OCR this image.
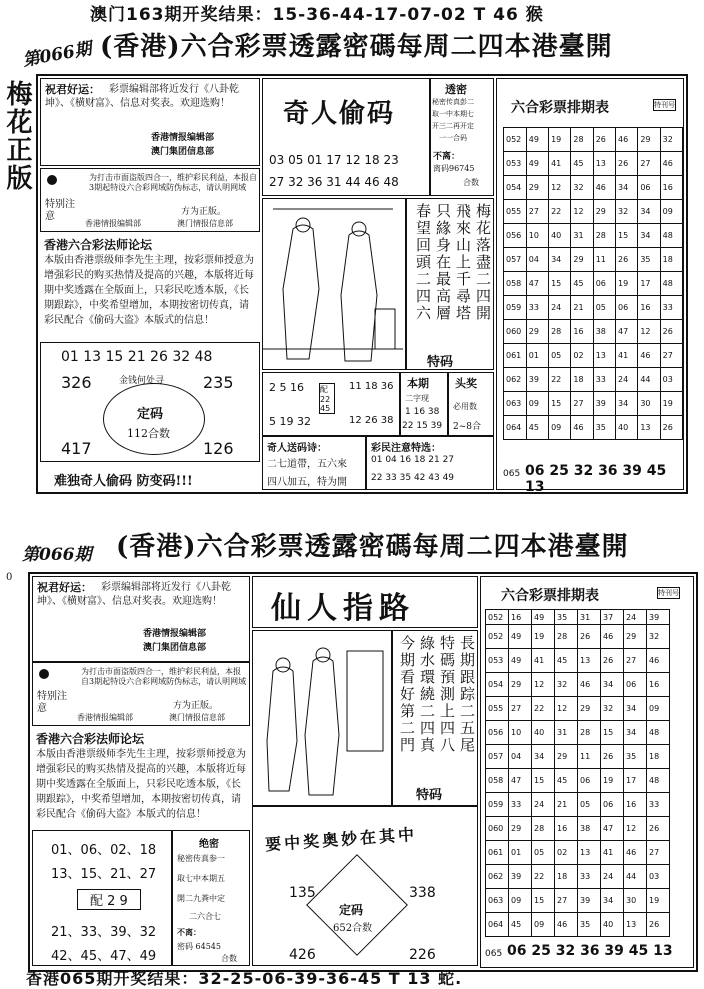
澳门163期开奖结果：15-36-44-17-07-02 T 46 猴
第066期 (香港)六合彩票透露密碼每周二四本港臺開
梅花正版 祝君好运： 彩票编辑部将近发行《八卦乾坤》、《横财富》、信息对奖表。欢迎选购！
香港情报编辑部
澳门集团信息部
特别注意
为打击市面盗版四合一，维护彩民利益，本报自3期起特设六合彩网域防伪标志，请认明网域
方为正版。
香港情报编辑部	澳门情报信息部
香港六合彩法师论坛
本版由香港票级师李先生主理，按彩票师授意为增强彩民的购买热情及提高的兴趣，本版将近每期中奖透露在全版面上，只彩民吃透本版，《长期跟踪》，中奖希望增加，本期按密切传真，请彩民配合《偷码大盗》本版式的信息！
01 13 15 21 26 32 48
326	235
金钱何处寻
定码
112合数
417	126
难独奇人偷码 防变码!!!
奇人偷码
03 05 01 17 12 18 23
27 32 36 31 44 46 48
透密
秘密传真彭二
取一中本期七
开三二再开定
一一合码
不离：
离码96745
合数
梅花落盡二四開
飛來山上千尋塔
只緣身在最高層
春望回頭二四六
特码
2 5 16
5 19 32
配22 45
11 18 36
12 26 38
本期
二字现
1 16 38
22 15 39
头奖
必用数
2~8合
奇人送码诗：
二七道帶，五六來
四八加五，特为開
彩民注意特选：
01 04 16 18 21 27
22 33 35 42 43 49
六合彩票排期表	特刊号
052	49	19	28	26	46	29	32
053	49	41	45	13	26	27	46
054	29	12	32	46	34	06	16
055	27	22	12	29	32	34	09
056	10	40	31	28	15	34	48
057	04	34	29	11	26	35	18
058	47	15	45	06	19	17	48
059	33	24	21	05	06	16	33
060	29	28	16	38	47	12	26
061	01	05	02	13	41	46	27
062	39	22	18	33	24	44	03
063	09	15	27	39	34	30	19
064	45	09	46	35	40	13	26
065 06 25 32 36 39 45 13
0
第066期 (香港)六合彩票透露密碼每周二四本港臺開
祝君好运： 彩票编辑部将近发行《八卦乾坤》、《横财富》、信息对奖表。欢迎选购！
香港情报编辑部
澳门集团信息部
特别注意
为打击市面盗版四合一，维护彩民利益，本报自3期起特设六合彩网域防伪标志，请认明网域
方为正版。
香港情报编辑部	澳门情报信息部
香港六合彩法师论坛
本版由香港票级师李先生主理，按彩票师授意为增强彩民的购买热情及提高的兴趣，本版将近每期中奖透露在全版面上，只彩民吃透本版，《长期跟踪》，中奖希望增加，本期按密切传真，请彩民配合《偷码大盗》本版式的信息！
01、06、02、18
13、15、21、27
配 2 9
21、33、39、32
42、45、47、49
绝密
秘密传真参一
取七中本期五
開二九粪中定
二六合七
不离：
密码 64545
合数
仙人指路
長期跟踪二五尾
特碼預測上四八
綠水環繞二四真
今期看好第二門
特码
要中奖奥妙在其中
135	338
定码
652合数
426	226
六合彩票排期表	特刊号
052	16	49	35	31	37	24	39
052	49	19	28	26	46	29	32
053	49	41	45	13	26	27	46
054	29	12	32	46	34	06	16
055	27	22	12	29	32	34	09
056	10	40	31	28	15	34	48
057	04	34	29	11	26	35	18
058	47	15	45	06	19	17	48
059	33	24	21	05	06	16	33
060	29	28	16	38	47	12	26
061	01	05	02	13	41	46	27
062	39	22	18	33	24	44	03
063	09	15	27	39	34	30	19
064	45	09	46	35	40	13	26
065 06 25 32 36 39 45 13
香港065期开奖结果：32-25-06-39-36-45 T 13 蛇.
